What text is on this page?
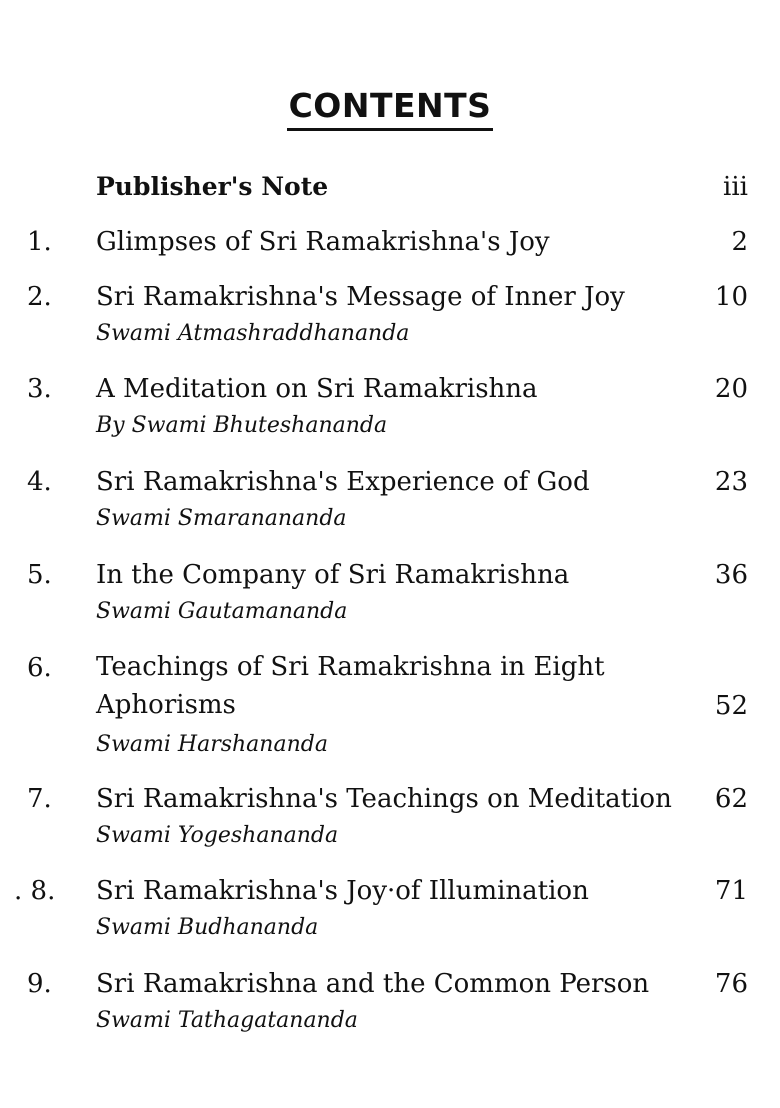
CONTENTS
Publisher's Note	iii
1.	Glimpses of Sri Ramakrishna's Joy	2
2.	Sri Ramakrishna's Message of Inner Joy	10
Swami Atmashraddhananda
3.	A Meditation on Sri Ramakrishna	20
By Swami Bhuteshananda
4.	Sri Ramakrishna's Experience of God	23
Swami Smaranananda
5.	In the Company of Sri Ramakrishna	36
Swami Gautamananda
6.	Teachings of Sri Ramakrishna in Eight Aphorisms	52
Swami Harshananda
7.	Sri Ramakrishna's Teachings on Meditation	62
Swami Yogeshananda
. 8.	Sri Ramakrishna's Joy·of Illumination	71
Swami Budhananda
9.	Sri Ramakrishna and the Common Person	76
Swami Tathagatananda
